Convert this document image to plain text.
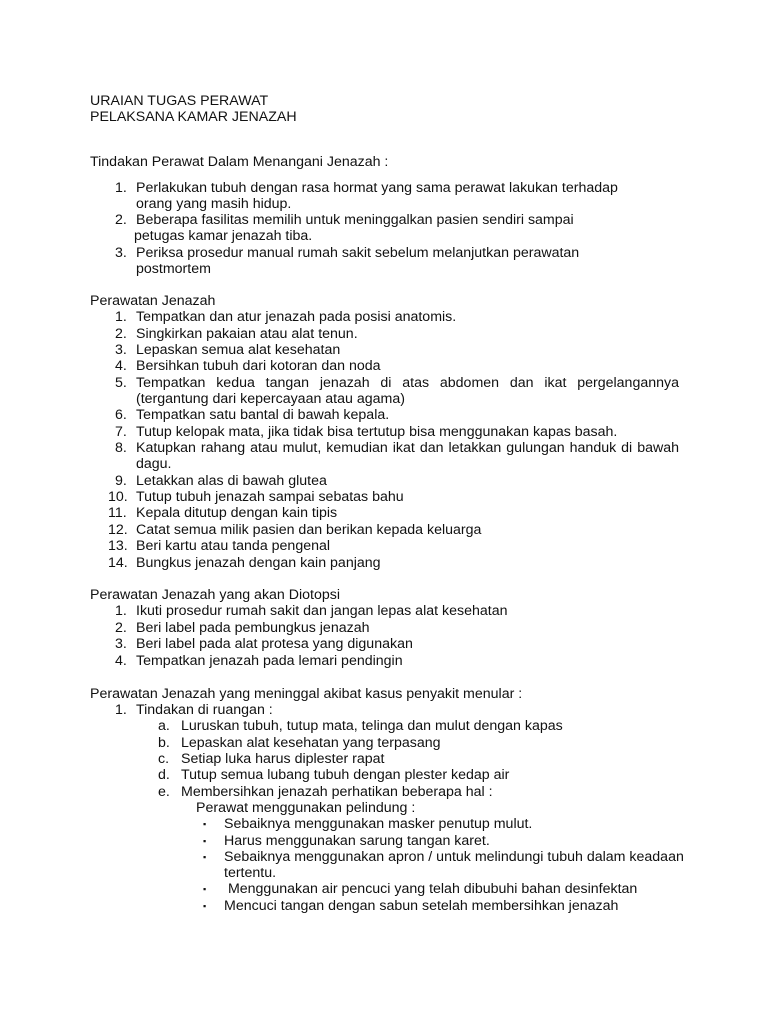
URAIAN TUGAS PERAWAT
PELAKSANA KAMAR JENAZAH
Tindakan Perawat Dalam Menangani Jenazah :
1. Perlakukan tubuh dengan rasa hormat yang sama perawat lakukan terhadap
orang yang masih hidup.
2. Beberapa fasilitas memilih untuk meninggalkan pasien sendiri sampai
petugas kamar jenazah tiba.
3. Periksa prosedur manual rumah sakit sebelum melanjutkan perawatan
postmortem
Perawatan Jenazah
1. Tempatkan dan atur jenazah pada posisi anatomis.
2. Singkirkan pakaian atau alat tenun.
3. Lepaskan semua alat kesehatan
4. Bersihkan tubuh dari kotoran dan noda
5. Tempatkan kedua tangan jenazah di atas abdomen dan ikat pergelangannya
(tergantung dari kepercayaan atau agama)
6. Tempatkan satu bantal di bawah kepala.
7. Tutup kelopak mata, jika tidak bisa tertutup bisa menggunakan kapas basah.
8. Katupkan rahang atau mulut, kemudian ikat dan letakkan gulungan handuk di bawah
dagu.
9. Letakkan alas di bawah glutea
10. Tutup tubuh jenazah sampai sebatas bahu
11. Kepala ditutup dengan kain tipis
12. Catat semua milik pasien dan berikan kepada keluarga
13. Beri kartu atau tanda pengenal
14. Bungkus jenazah dengan kain panjang
Perawatan Jenazah yang akan Diotopsi
1. Ikuti prosedur rumah sakit dan jangan lepas alat kesehatan
2. Beri label pada pembungkus jenazah
3. Beri label pada alat protesa yang digunakan
4. Tempatkan jenazah pada lemari pendingin
Perawatan Jenazah yang meninggal akibat kasus penyakit menular :
1. Tindakan di ruangan :
a. Luruskan tubuh, tutup mata, telinga dan mulut dengan kapas
b. Lepaskan alat kesehatan yang terpasang
c. Setiap luka harus diplester rapat
d. Tutup semua lubang tubuh dengan plester kedap air
e. Membersihkan jenazah perhatikan beberapa hal :
Perawat menggunakan pelindung :
▪ Sebaiknya menggunakan masker penutup mulut.
▪ Harus menggunakan sarung tangan karet.
▪ Sebaiknya menggunakan apron / untuk melindungi tubuh dalam keadaan
tertentu.
▪ Menggunakan air pencuci yang telah dibubuhi bahan desinfektan
▪ Mencuci tangan dengan sabun setelah membersihkan jenazah
